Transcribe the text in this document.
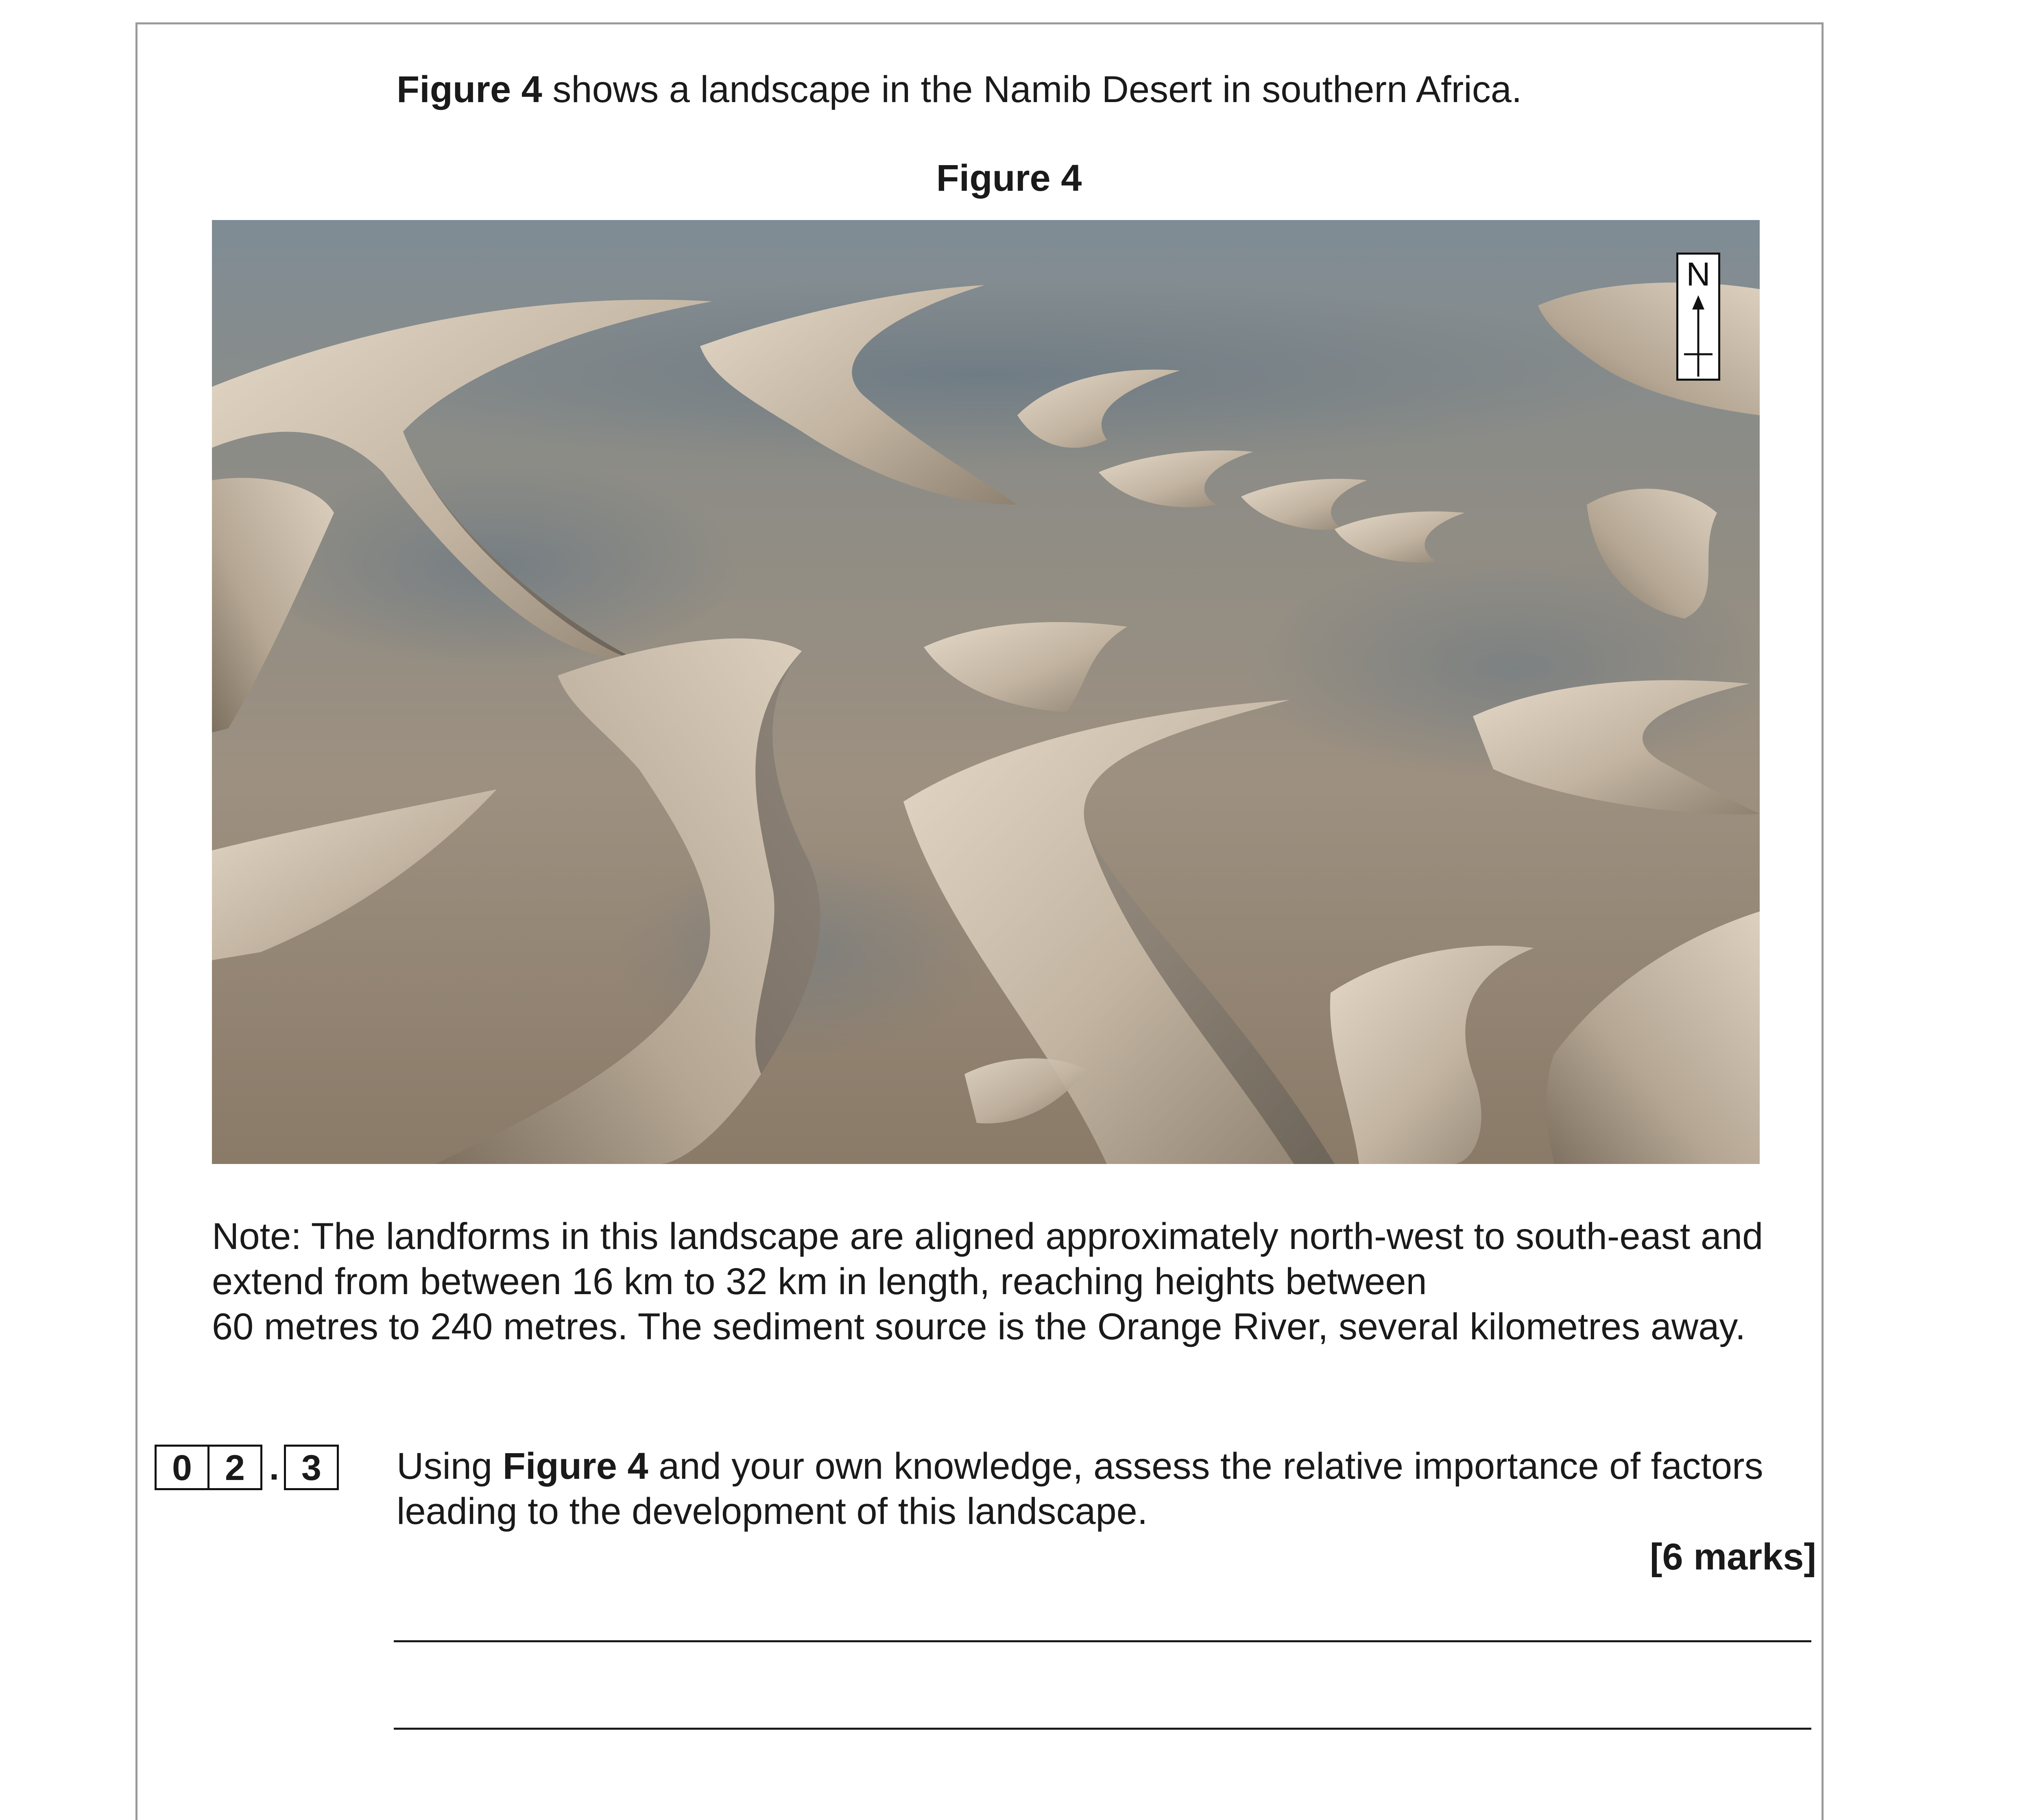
Figure 4 shows a landscape in the Namib Desert in southern Africa.
Figure 4
N
Note: The landforms in this landscape are aligned approximately north-west to south-east and
extend from between 16 km to 32 km in length, reaching heights between
60 metres to 240 metres. The sediment source is the Orange River, several kilometres away.
0 2 . 3	Using Figure 4 and your own knowledge, assess the relative importance of factors
leading to the development of this landscape.
[6 marks]
